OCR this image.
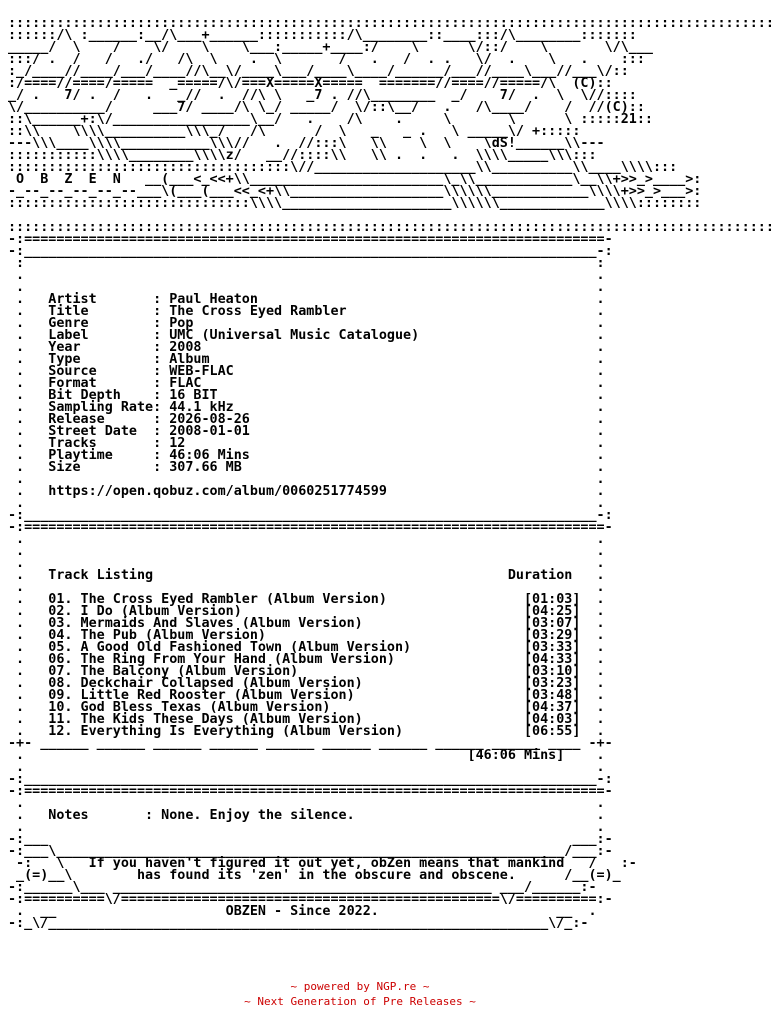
:::::::::::::::::::::::::::::::::::::::::::::::::::::::::::::::::::::::::::::::::::::::::::::::
::::::/\ :______:__/\___+______:::::::::::/\________::____:::/\________:::::::
_____/  \    /    \/    \    \___:_____+____:/    \      \/::/    \       \/\___
:::/ .  /   /   ./   /\  \    .  \       /   .   /  . .   \/  .    \   .    :::
:_/____//____/___/____//\__\/____\___/____\____/______/___//____\___//___\/::
:/====//====/=====  _=====/\/===X=====X=====  =======//====//=====/\  (C)::
_/ .   7/ .  /   .   _//  .  //\ \   _7 . //\________  _/    7/  .  \  \//::::
\/__________/     ___7/ ____/\ \_/ _____/  \/::\__/   .   /\____/    /  //(C)::
::\______+:\/_________________\__/   .    /\    .     \       \      \ :::::21::
::\\    \\\\__________\\\_/   /\      /  \   _   _ .   \ _____\/ +:::::
---\\\____\\\\___________\\\//   .  //:::\   \\    \  \    \dS!______\\---
:::::::::::\\\\________\\\\z/   __//::::\\   \\ .  .   .  \\\\_____\\\:::
:::::::::::::::::::::::::::::::::::\//____________________\\__________\\____\\\\:::
O  B  Z  E  N   __(___<_<<+\\________________________\_\\____________\__\\+>>_>____>:
-_--_--_--_--_--___\(___(___<<_<+\\___________________\\\\\\____________\\\\+>>_>___>:
::::::::::::::::::::::::::::::\\\\_____________________\\\\\\_____________\\\\::::::::

:::::::::::::::::::::::::::::::::::::::::::::::::::::::::::::::::::::::::::::::::::::::::::::::
-:========================================================================-
-:_______________________________________________________________________-:
:                                                                       :
.                                                                       .
.                                                                       .
.   Artist       : Paul Heaton                                          .
.   Title        : The Cross Eyed Rambler                               .
.   Genre        : Pop                                                  .
.   Label        : UMC (Universal Music Catalogue)                      .
.   Year         : 2008                                                 .
.   Type         : Album                                                .
.   Source       : WEB-FLAC                                             .
.   Format       : FLAC                                                 .
.   Bit Depth    : 16 BIT                                               .
.   Sampling Rate: 44.1 kHz                                             .
.   Release      : 2026-08-26                                           .
.   Street Date  : 2008-01-01                                           .
.   Tracks       : 12                                                   .
.   Playtime     : 46:06 Mins                                           .
.   Size         : 307.66 MB                                            .
.                                                                       .
.   https://open.qobuz.com/album/0060251774599                          .
.                                                                       .
-:_______________________________________________________________________-:
-:========================================================================-
.                                                                       .
.                                                                       .
.                                                                       .
.   Track Listing                                            Duration   .
.                                                                       .
.   01. The Cross Eyed Rambler (Album Version)                 [01:03]  .
.   02. I Do (Album Version)                                   [04:25]  .
.   03. Mermaids And Slaves (Album Version)                    [03:07]  .
.   04. The Pub (Album Version)                                [03:29]  .
.   05. A Good Old Fashioned Town (Album Version)              [03:33]  .
.   06. The Ring From Your Hand (Album Version)                [04:33]  .
.   07. The Balcony (Album Version)                            [03:10]  .
.   08. Deckchair Collapsed (Album Version)                    [03:23]  .
.   09. Little Red Rooster (Album Version)                     [03:48]  .
.   10. God Bless Texas (Album Version)                        [04:37]  .
.   11. The Kids These Days (Album Version)                    [04:03]  .
.   12. Everything Is Everything (Album Version)               [06:55]  .
-+- ______ ______ ______ ______ ______ ______ ______ ______ ______ ____ -+-
.                                                       [46:06 Mins]    .
.                                                                       .
-:_______________________________________________________________________-:
-:========================================================================-
.                                                                       .
.   Notes       : None. Enjoy the silence.                              .
.                                                                       .
-:___                                                                 ___:-
-:___\_______________________________________________________________/___:-
-:   \   If you haven't figured it out yet, obZen means that mankind   /   :-
_(=)__\        has found its 'zen' in the obscure and obscene.      /__(=)_
-:______\___ _______________________________________________ ___/______:-
-:==========\/===============================================\/==========:-
.  __                     OBZEN - Since 2022.                      __  .
-:_\/______________________________________________________________\/_:-
~ powered by NGP.re ~
~ Next Generation of Pre Releases ~
